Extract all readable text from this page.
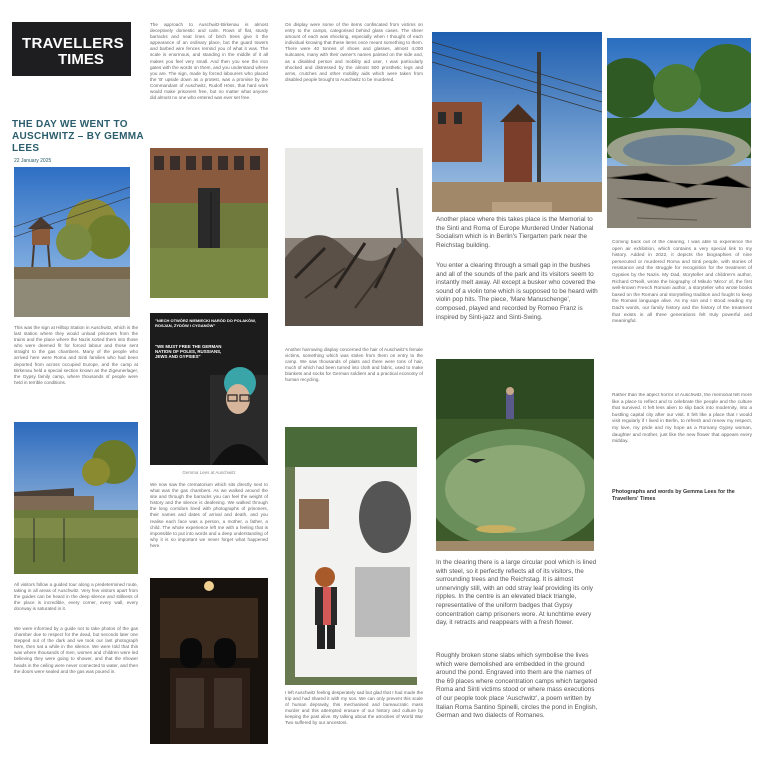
TRAVELLERS
TIMES
THE DAY WE WENT TO
AUSCHWITZ – BY GEMMA
LEES
22 January 2025
This was the sign at Hilltop Station in Auschwitz, which is the last station where they would unload prisoners from the trains and the place where the Nazis sorted them into those who were deemed fit for forced labour and those sent straight to the gas chambers. Many of the people who arrived here were Roma and Sinti families who had been deported from across occupied Europe, and the camp at Birkenau held a special section known as the Zigeunerlager, the Gypsy family camp, where thousands of people were held in terrible conditions.
All visitors follow a guided tour along a predetermined route, taking in all areas of Auschwitz. Very few visitors apart from the guides can be heard in the deep silence and stillness of the place is incredible, every corner, every wall, every doorway is saturated in it.
We were informed by a guide not to take photos of the gas chamber due to respect for the dead, but seconds later one stepped out of the dark and we took our last photograph here, then sat a while in the silence. We were told that this was where thousands of men, women and children were led believing they were going to shower, and that the shower heads in the ceiling were never connected to water, and then the doors were sealed and the gas was poured in.
The approach to Auschwitz-Birkenau is almost deceptively domestic and calm. Rows of flat, sturdy barracks and neat lines of birch trees give it the appearance of an ordinary place, but the guard towers and barbed wire fences remind you of what it was. The scale is enormous, and standing in the middle of it all makes you feel very small. And then you see the iron gates with the words on them, and you understand where you are. The sign, made by forced labourers who placed the 'B' upside down as a protest, was a promise by the Commandant of Auschwitz, Rudolf Höss, that hard work would make prisoners free, but no matter what anyone did almost no one who entered was ever set free.
"NIECH OTWÓRZ NIEMIECKI NARÓD DO POLAKÓW, ROSJAN, ŻYDÓW I CYGANÓW"
"WE MUST FREE THE GERMAN NATION OF POLES, RUSSIANS, JEWS AND GYPSIES"
Gemma Lees at Auschwitz
We now saw the crematorium which sits directly next to what was the gas chambers. As we walked around the site and through the barracks you can feel the weight of history and the silence is deafening. We walked through the long corridors lined with photographs of prisoners, their names and dates of arrival and death, and you realise each face was a person, a mother, a father, a child. The whole experience left me with a feeling that is impossible to put into words and a deep understanding of why it is so important we never forget what happened here.
On display were some of the items confiscated from victims on entry to the camps, categorised behind glass cases. The sheer amount of each was shocking, especially when I thought of each individual knowing that these items once meant something to them. There were 40 tonnes of shoes and glasses, almost 4,000 suitcases, many with their owner's names painted on the side and, as a disabled person and mobility aid user, I was particularly shocked and distressed by the almost 500 prosthetic legs and arms, crutches and other mobility aids which were taken from disabled people brought to Auschwitz to be murdered.
Another harrowing display concerned the hair of Auschwitz's female victims, something which was stolen from them on entry to the camp. We saw thousands of plaits and there were tons of hair, much of which had been turned into cloth and fabric, used to make blankets and socks for German soldiers and a practical economy of human recycling.
I left Auschwitz feeling desperately sad but glad that I had made the trip and had shared it with my son. We can only prevent this scale of human depravity, this mechanised and bureaucratic mass murder and this attempted erasure of our history and culture by keeping the past alive. By talking about the atrocities of World War Two suffered by our ancestors.
Another place where this takes place is the Memorial to the Sinti and Roma of Europe Murdered Under National Socialism which is in Berlin's Tiergarten park near the Reichstag building.
You enter a clearing through a small gap in the bushes and all of the sounds of the park and its visitors seem to instantly melt away. All except a busker who covered the sound of a violin tone which is supposed to be heard with violin pop hits. The piece, 'Mare Manuschenge', composed, played and recorded by Romeo Franz is inspired by Sinti-jazz and Sinti-Swing.
In the clearing there is a large circular pool which is lined with steel, so it perfectly reflects all of its visitors, the surrounding trees and the Reichstag. It is almost unnervingly still, with an odd stray leaf providing its only ripples. In the centre is an elevated black triangle, representative of the uniform badges that Gypsy concentration camp prisoners wore. At lunchtime every day, it retracts and reappears with a fresh flower.
Roughly broken stone slabs which symbolise the lives which were demolished are embedded in the ground around the pond. Engraved into them are the names of the 69 places where concentration camps which targeted Roma and Sinti victims stood or where mass executions of our people took place 'Auschwitz', a poem written by Italian Roma Santino Spinelli, circles the pond in English, German and two dialects of Romanes.
Coming back out of the clearing, I was able to experience the open air exhibition, which contains a very special link to my history. Added in 2022, it depicts the biographies of nine persecuted or murdered Roma and Sinti people, with stories of resistance and the struggle for recognition for the treatment of Gypsies by the Nazis. My Dad, storyteller and children's author, Richard O'Neill, wrote the biography of Mikulo 'Mirco' of, the first well-known French Romani author, a storyteller who wrote books based on the Romani oral storytelling tradition and fought to keep the Romani language alive. As my son and I stood reading my Dad's words, our family history and the history of the treatment that exists in all three generations felt truly powerful and meaningful.
Rather than the abject horror of Auschwitz, the memorial felt more like a place to reflect and to celebrate the people and the culture that survived. It felt less alien to slip back into modernity, into a bustling capital city after our visit. It felt like a place that I would visit regularly if I lived in Berlin, to refresh and renew my respect, my love, my pride and my hope as a Romany Gypsy woman, daughter and mother, just like the new flower that appears every midday.
Photographs and words by Gemma Lees for the Travellers' Times
